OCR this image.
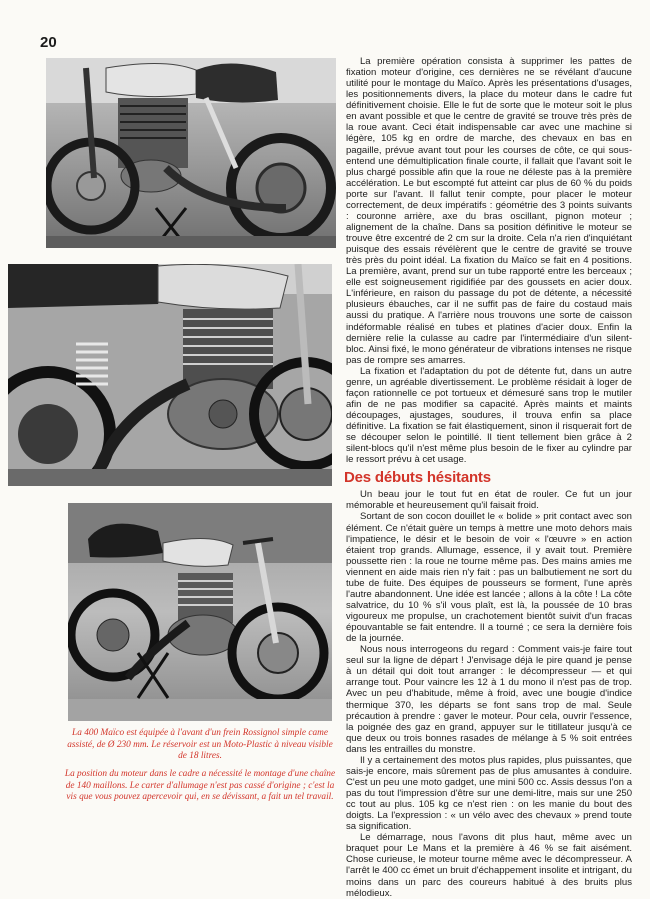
20

La 400 Maïco est équipée à l'avant d'un frein Rossignol simple came assisté, de Ø 230 mm. Le réservoir est un Moto-Plastic à niveau visible de 18 litres.

La position du moteur dans le cadre a nécessité le montage d'une chaîne de 140 maillons. Le carter d'allumage n'est pas cassé d'origine ; c'est la vis que vous pouvez apercevoir qui, en se dévissant, a fait un tel travail.

La première opération consista à supprimer les pattes de fixation moteur d'origine, ces dernières ne se révélant d'aucune utilité pour le montage du Maïco. Après les présentations d'usages, les positionnements divers, la place du moteur dans le cadre fut définitivement choisie. Elle le fut de sorte que le moteur soit le plus en avant possible et que le centre de gravité se trouve très près de la roue avant. Ceci était indispensable car avec une machine si légère, 105 kg en ordre de marche, des chevaux en bas en pagaille, prévue avant tout pour les courses de côte, ce qui sous-entend une démultiplication finale courte, il fallait que l'avant soit le plus chargé possible afin que la roue ne déleste pas à la première accélération. Le but escompté fut atteint car plus de 60 % du poids porte sur l'avant. Il fallut tenir compte, pour placer le moteur correctement, de deux impératifs : géométrie des 3 points suivants : couronne arrière, axe du bras oscillant, pignon moteur ; alignement de la chaîne. Dans sa position définitive le moteur se trouve être excentré de 2 cm sur la droite. Cela n'a rien d'inquiétant puisque des essais révélèrent que le centre de gravité se trouve très près du point idéal. La fixation du Maïco se fait en 4 positions. La première, avant, prend sur un tube rapporté entre les berceaux ; elle est soigneusement rigidifiée par des goussets en acier doux. L'inférieure, en raison du passage du pot de détente, a nécessité plusieurs ébauches, car il ne suffit pas de faire du costaud mais aussi du pratique. A l'arrière nous trouvons une sorte de caisson indéformable réalisé en tubes et platines d'acier doux. Enfin la dernière relie la culasse au cadre par l'intermédiaire d'un silent-bloc. Ainsi fixé, le mono générateur de vibrations intenses ne risque pas de rompre ses amarres.

La fixation et l'adaptation du pot de détente fut, dans un autre genre, un agréable divertissement. Le problème résidait à loger de façon rationnelle ce pot tortueux et démesuré sans trop le mutiler afin de ne pas modifier sa capacité. Après maints et maints découpages, ajustages, soudures, il trouva enfin sa place définitive. La fixation se fait élastiquement, sinon il risquerait fort de se découper selon le pointillé. Il tient tellement bien grâce à 2 silent-blocs qu'il n'est même plus besoin de le fixer au cylindre par le ressort prévu à cet usage.

Des débuts hésitants

Un beau jour le tout fut en état de rouler. Ce fut un jour mémorable et heureusement qu'il faisait froid.

Sortant de son cocon douillet le « bolide » prit contact avec son élément. Ce n'était guère un temps à mettre une moto dehors mais l'impatience, le désir et le besoin de voir « l'œuvre » en action étaient trop grands. Allumage, essence, il y avait tout. Première poussette rien : la roue ne tourne même pas. Des mains amies me viennent en aide mais rien n'y fait : pas un balbutiement ne sort du tube de fuite. Des équipes de pousseurs se forment, l'une après l'autre abandonnent. Une idée est lancée ; allons à la côte ! La côte salvatrice, du 10 % s'il vous plaît, est là, la poussée de 10 bras vigoureux me propulse, un crachotement bientôt suivit d'un fracas épouvantable se fait entendre. Il a tourné ; ce sera la dernière fois de la journée.

Nous nous interrogeons du regard : Comment vais-je faire tout seul sur la ligne de départ ! J'envisage déjà le pire quand je pense à un détail qui doit tout arranger : le décompresseur — et qui arrange tout. Pour vaincre les 12 à 1 du mono il n'est pas de trop. Avec un peu d'habitude, même à froid, avec une bougie d'indice thermique 370, les départs se font sans trop de mal. Seule précaution à prendre : gaver le moteur. Pour cela, ouvrir l'essence, la poignée des gaz en grand, appuyer sur le titillateur jusqu'à ce que deux ou trois bonnes rasades de mélange à 5 % soit entrées dans les entrailles du monstre.

Il y a certainement des motos plus rapides, plus puissantes, que sais-je encore, mais sûrement pas de plus amusantes à conduire. C'est un peu une moto gadget, une mini 500 cc. Assis dessus l'on a pas du tout l'impression d'être sur une demi-litre, mais sur une 250 cc tout au plus. 105 kg ce n'est rien : on les manie du bout des doigts. La l'expression : « un vélo avec des chevaux » prend toute sa signification.

Le démarrage, nous l'avons dit plus haut, même avec un braquet pour Le Mans et la première à 46 % se fait aisément. Chose curieuse, le moteur tourne même avec le décompresseur. A l'arrêt le 400 cc émet un bruit d'échappement insolite et intrigant, du moins dans un parc des coureurs habitué à des bruits plus mélodieux.
